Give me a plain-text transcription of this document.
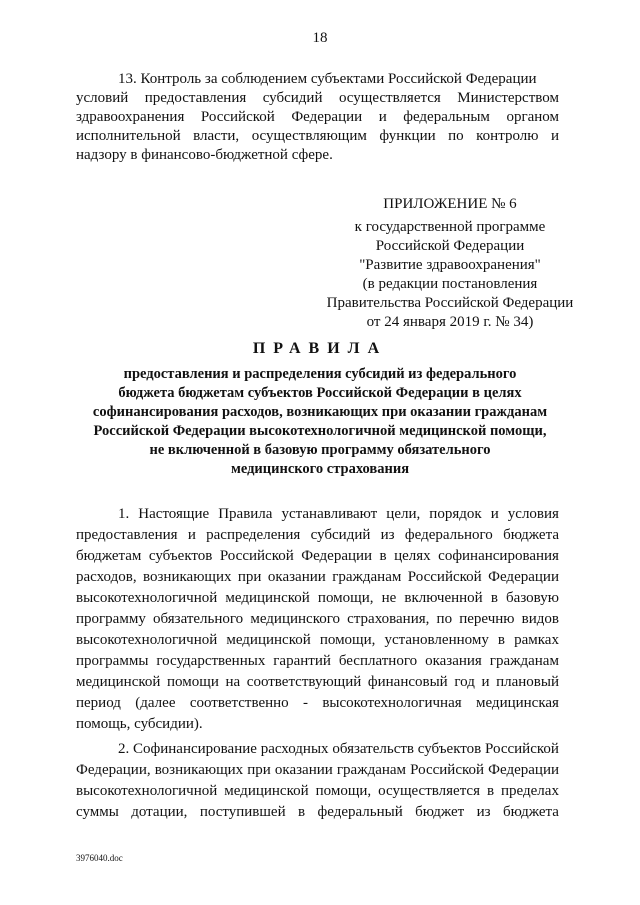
18
13. Контроль за соблюдением субъектами Российской Федерации
условий предоставления субсидий осуществляется Министерством
здравоохранения Российской Федерации и федеральным органом
исполнительной власти, осуществляющим функции по контролю и
надзору в финансово-бюджетной сфере.
ПРИЛОЖЕНИЕ № 6
к государственной программе
Российской Федерации
"Развитие здравоохранения"
(в редакции постановления
Правительства Российской Федерации
от 24 января 2019 г. № 34)
ПРАВИЛА
предоставления и распределения субсидий из федерального
бюджета бюджетам субъектов Российской Федерации в целях
софинансирования расходов, возникающих при оказании гражданам
Российской Федерации высокотехнологичной медицинской помощи,
не включенной в базовую программу обязательного
медицинского страхования
1. Настоящие Правила устанавливают цели, порядок и условия
предоставления и распределения субсидий из федерального бюджета
бюджетам субъектов Российской Федерации в целях софинансирования
расходов, возникающих при оказании гражданам Российской Федерации
высокотехнологичной медицинской помощи, не включенной в базовую
программу обязательного медицинского страхования, по перечню видов
высокотехнологичной медицинской помощи, установленному в рамках
программы государственных гарантий бесплатного оказания гражданам
медицинской помощи на соответствующий финансовый год и плановый
период (далее соответственно - высокотехнологичная медицинская
помощь, субсидии).
2. Софинансирование расходных обязательств субъектов Российской
Федерации, возникающих при оказании гражданам Российской Федерации
высокотехнологичной медицинской помощи, осуществляется в пределах
суммы дотации, поступившей в федеральный бюджет из бюджета
3976040.doc
